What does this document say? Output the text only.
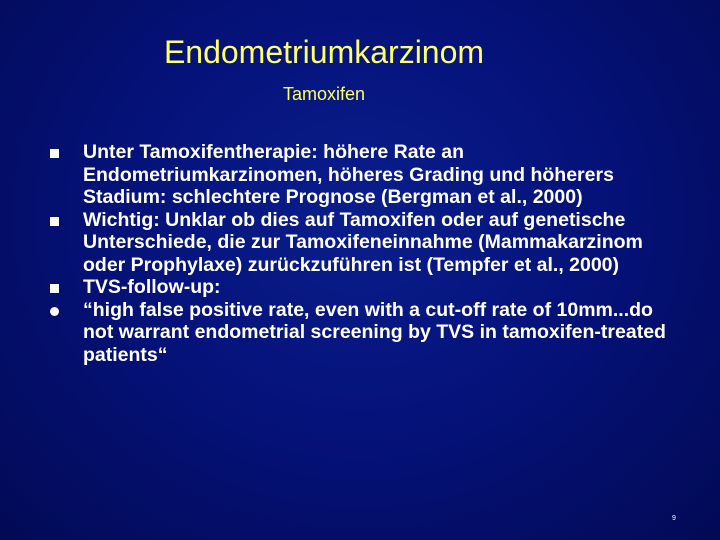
Endometriumkarzinom
Tamoxifen
Unter Tamoxifentherapie: höhere Rate an Endometriumkarzinomen, höheres Grading und höherers Stadium: schlechtere Prognose (Bergman et al., 2000)
Wichtig: Unklar ob dies auf Tamoxifen oder auf genetische Unterschiede, die zur Tamoxifeneinnahme (Mammakarzinom oder Prophylaxe) zurückzuführen ist (Tempfer et al., 2000)
TVS-follow-up:
“high false positive rate, even with a cut-off rate of 10mm...do not warrant endometrial screening by TVS in tamoxifen-treated patients“
9
